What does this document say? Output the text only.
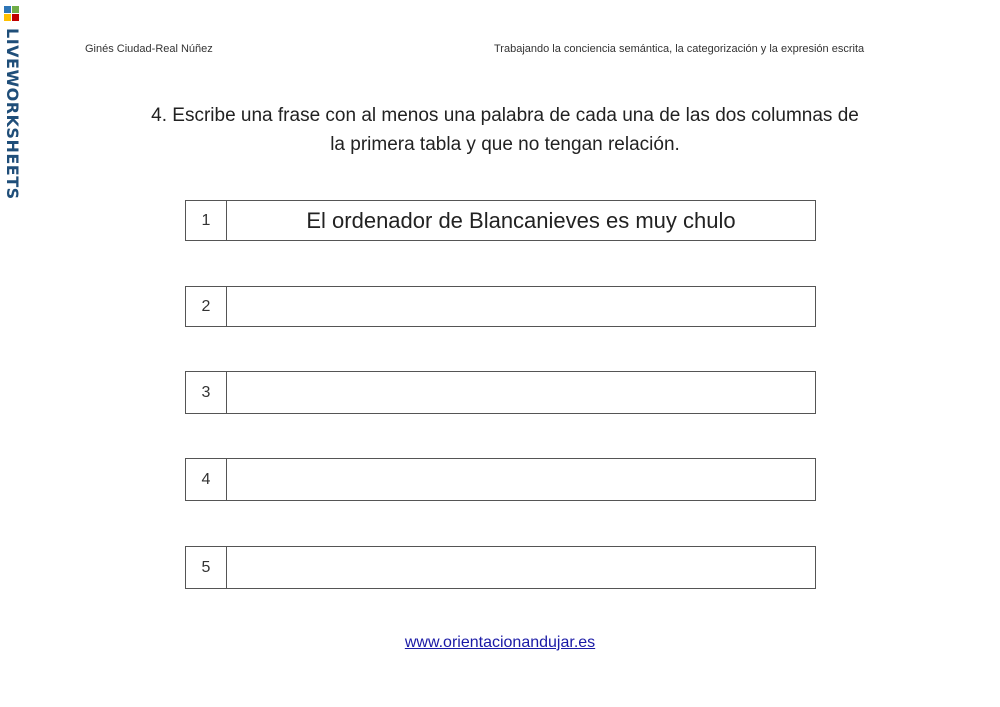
LIVEWORKSHEETS	Ginés Ciudad-Real Núñez	Trabajando la conciencia semántica, la categorización y la expresión escrita
4. Escribe una frase con al menos una palabra de cada una de las dos columnas de
la primera tabla y que no tengan relación.
1	El ordenador de Blancanieves es muy chulo
2
3
4
5
www.orientacionandujar.es
